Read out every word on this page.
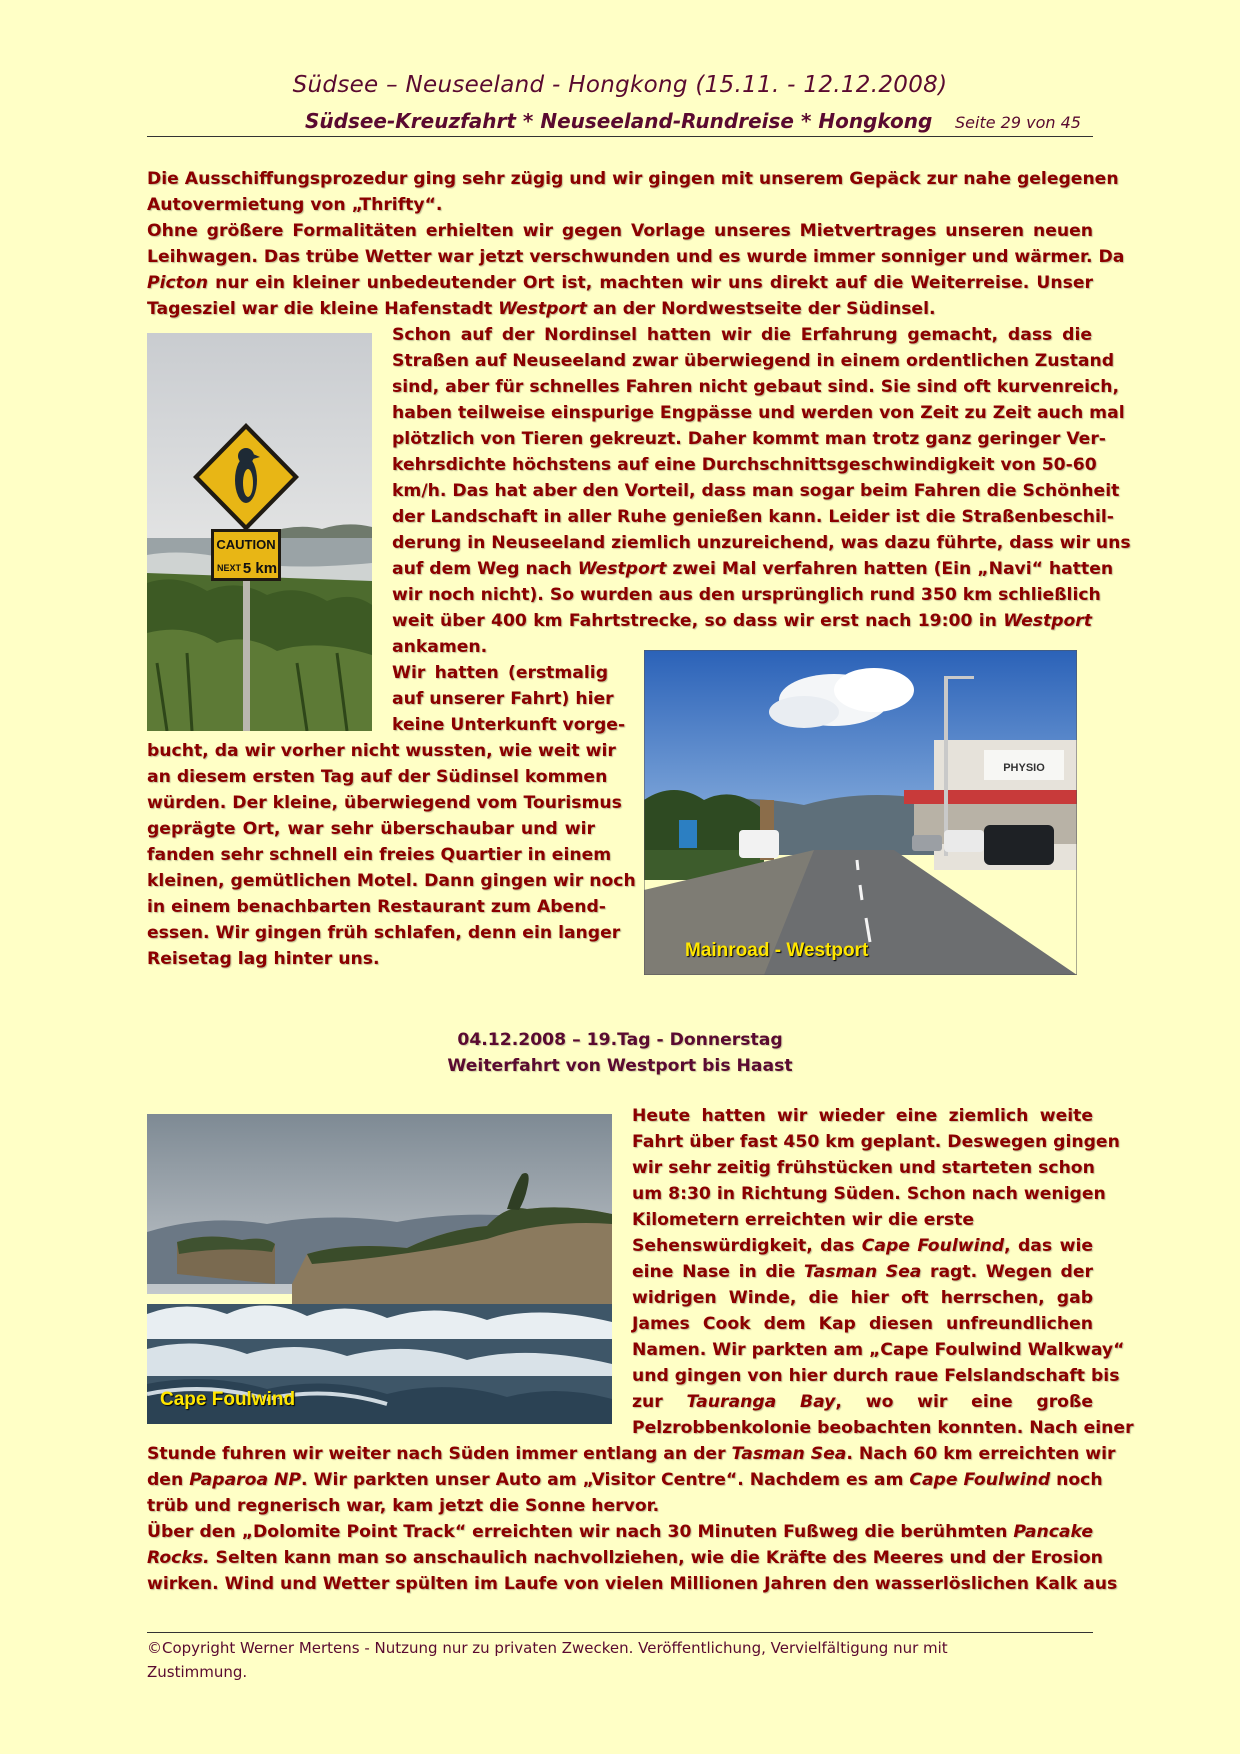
Südsee – Neuseeland - Hongkong (15.11. - 12.12.2008)
Südsee-Kreuzfahrt * Neuseeland-Rundreise * Hongkong Seite 29 von 45
Die Ausschiffungsprozedur ging sehr zügig und wir gingen mit unserem Gepäck zur nahe gelegenen
Autovermietung von „Thrifty“.
Ohne größere Formalitäten erhielten wir gegen Vorlage unseres Mietvertrages unseren neuen
Leihwagen. Das trübe Wetter war jetzt verschwunden und es wurde immer sonniger und wärmer. Da
Picton nur ein kleiner unbedeutender Ort ist, machten wir uns direkt auf die Weiterreise. Unser
Tagesziel war die kleine Hafenstadt Westport an der Nordwestseite der Südinsel.
CAUTION
NEXT 5 km
Schon auf der Nordinsel hatten wir die Erfahrung gemacht, dass die
Straßen auf Neuseeland zwar überwiegend in einem ordentlichen Zustand
sind, aber für schnelles Fahren nicht gebaut sind. Sie sind oft kurvenreich,
haben teilweise einspurige Engpässe und werden von Zeit zu Zeit auch mal
plötzlich von Tieren gekreuzt. Daher kommt man trotz ganz geringer Ver-
kehrsdichte höchstens auf eine Durchschnittsgeschwindigkeit von 50-60
km/h. Das hat aber den Vorteil, dass man sogar beim Fahren die Schönheit
der Landschaft in aller Ruhe genießen kann. Leider ist die Straßenbeschil-
derung in Neuseeland ziemlich unzureichend, was dazu führte, dass wir uns
auf dem Weg nach Westport zwei Mal verfahren hatten (Ein „Navi“ hatten
wir noch nicht). So wurden aus den ursprünglich rund 350 km schließlich
weit über 400 km Fahrtstrecke, so dass wir erst nach 19:00 in Westport
ankamen.
Wir hatten (erstmalig
auf unserer Fahrt) hier
keine Unterkunft vorge-
bucht, da wir vorher nicht wussten, wie weit wir
an diesem ersten Tag auf der Südinsel kommen
würden. Der kleine, überwiegend vom Tourismus
geprägte Ort, war sehr überschaubar und wir
fanden sehr schnell ein freies Quartier in einem
kleinen, gemütlichen Motel. Dann gingen wir noch
in einem benachbarten Restaurant zum Abend-
essen. Wir gingen früh schlafen, denn ein langer
Reisetag lag hinter uns.
PHYSIO
Mainroad - Westport
04.12.2008 – 19.Tag - Donnerstag
Weiterfahrt von Westport bis Haast
Cape Foulwind
Heute hatten wir wieder eine ziemlich weite
Fahrt über fast 450 km geplant. Deswegen gingen
wir sehr zeitig frühstücken und starteten schon
um 8:30 in Richtung Süden. Schon nach wenigen
Kilometern erreichten wir die erste
Sehenswürdigkeit, das Cape Foulwind, das wie
eine Nase in die Tasman Sea ragt. Wegen der
widrigen Winde, die hier oft herrschen, gab
James Cook dem Kap diesen unfreundlichen
Namen. Wir parkten am „Cape Foulwind Walkway“
und gingen von hier durch raue Felslandschaft bis
zur Tauranga Bay, wo wir eine große
Pelzrobbenkolonie beobachten konnten. Nach einer
Stunde fuhren wir weiter nach Süden immer entlang an der Tasman Sea. Nach 60 km erreichten wir
den Paparoa NP. Wir parkten unser Auto am „Visitor Centre“. Nachdem es am Cape Foulwind noch
trüb und regnerisch war, kam jetzt die Sonne hervor.
Über den „Dolomite Point Track“ erreichten wir nach 30 Minuten Fußweg die berühmten Pancake
Rocks. Selten kann man so anschaulich nachvollziehen, wie die Kräfte des Meeres und der Erosion
wirken. Wind und Wetter spülten im Laufe von vielen Millionen Jahren den wasserlöslichen Kalk aus
©Copyright Werner Mertens - Nutzung nur zu privaten Zwecken. Veröffentlichung, Vervielfältigung nur mit
Zustimmung.
